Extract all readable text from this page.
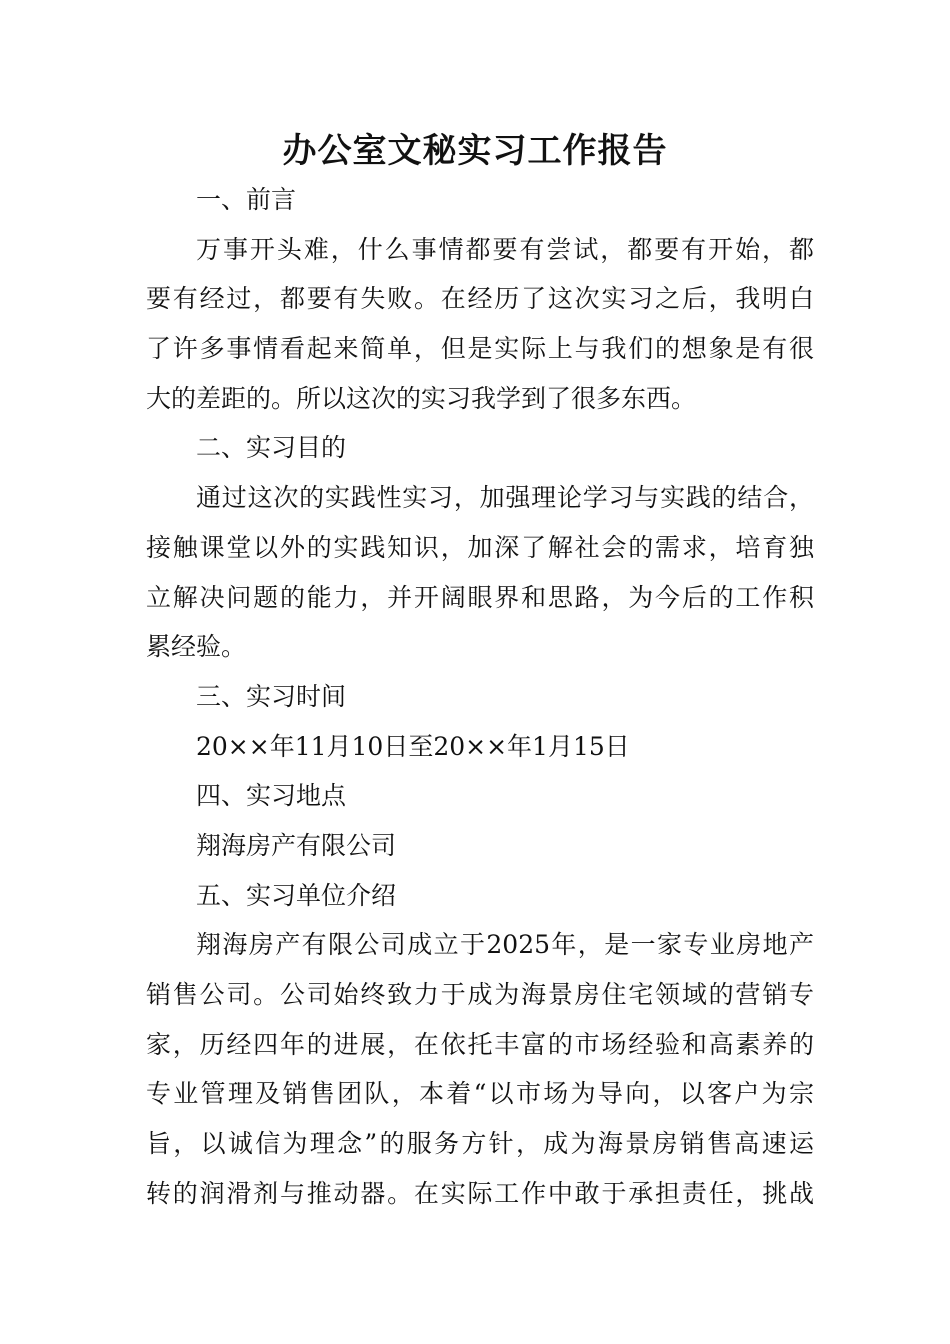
办公室文秘实习工作报告
一、前言
万事开头难，什么事情都要有尝试，都要有开始，都
要有经过，都要有失败。在经历了这次实习之后，我明白
了许多事情看起来简单，但是实际上与我们的想象是有很
大的差距的。所以这次的实习我学到了很多东西。
二、实习目的
通过这次的实践性实习，加强理论学习与实践的结合，
接触课堂以外的实践知识，加深了解社会的需求，培育独
立解决问题的能力，并开阔眼界和思路，为今后的工作积
累经验。
三、实习时间
20××年11月10日至20××年1月15日
四、实习地点
翔海房产有限公司
五、实习单位介绍
翔海房产有限公司成立于2025年，是一家专业房地产
销售公司。公司始终致力于成为海景房住宅领域的营销专
家，历经四年的进展，在依托丰富的市场经验和高素养的
专业管理及销售团队，本着“以市场为导向，以客户为宗
旨，以诚信为理念”的服务方针，成为海景房销售高速运
转的润滑剂与推动器。在实际工作中敢于承担责任，挑战
